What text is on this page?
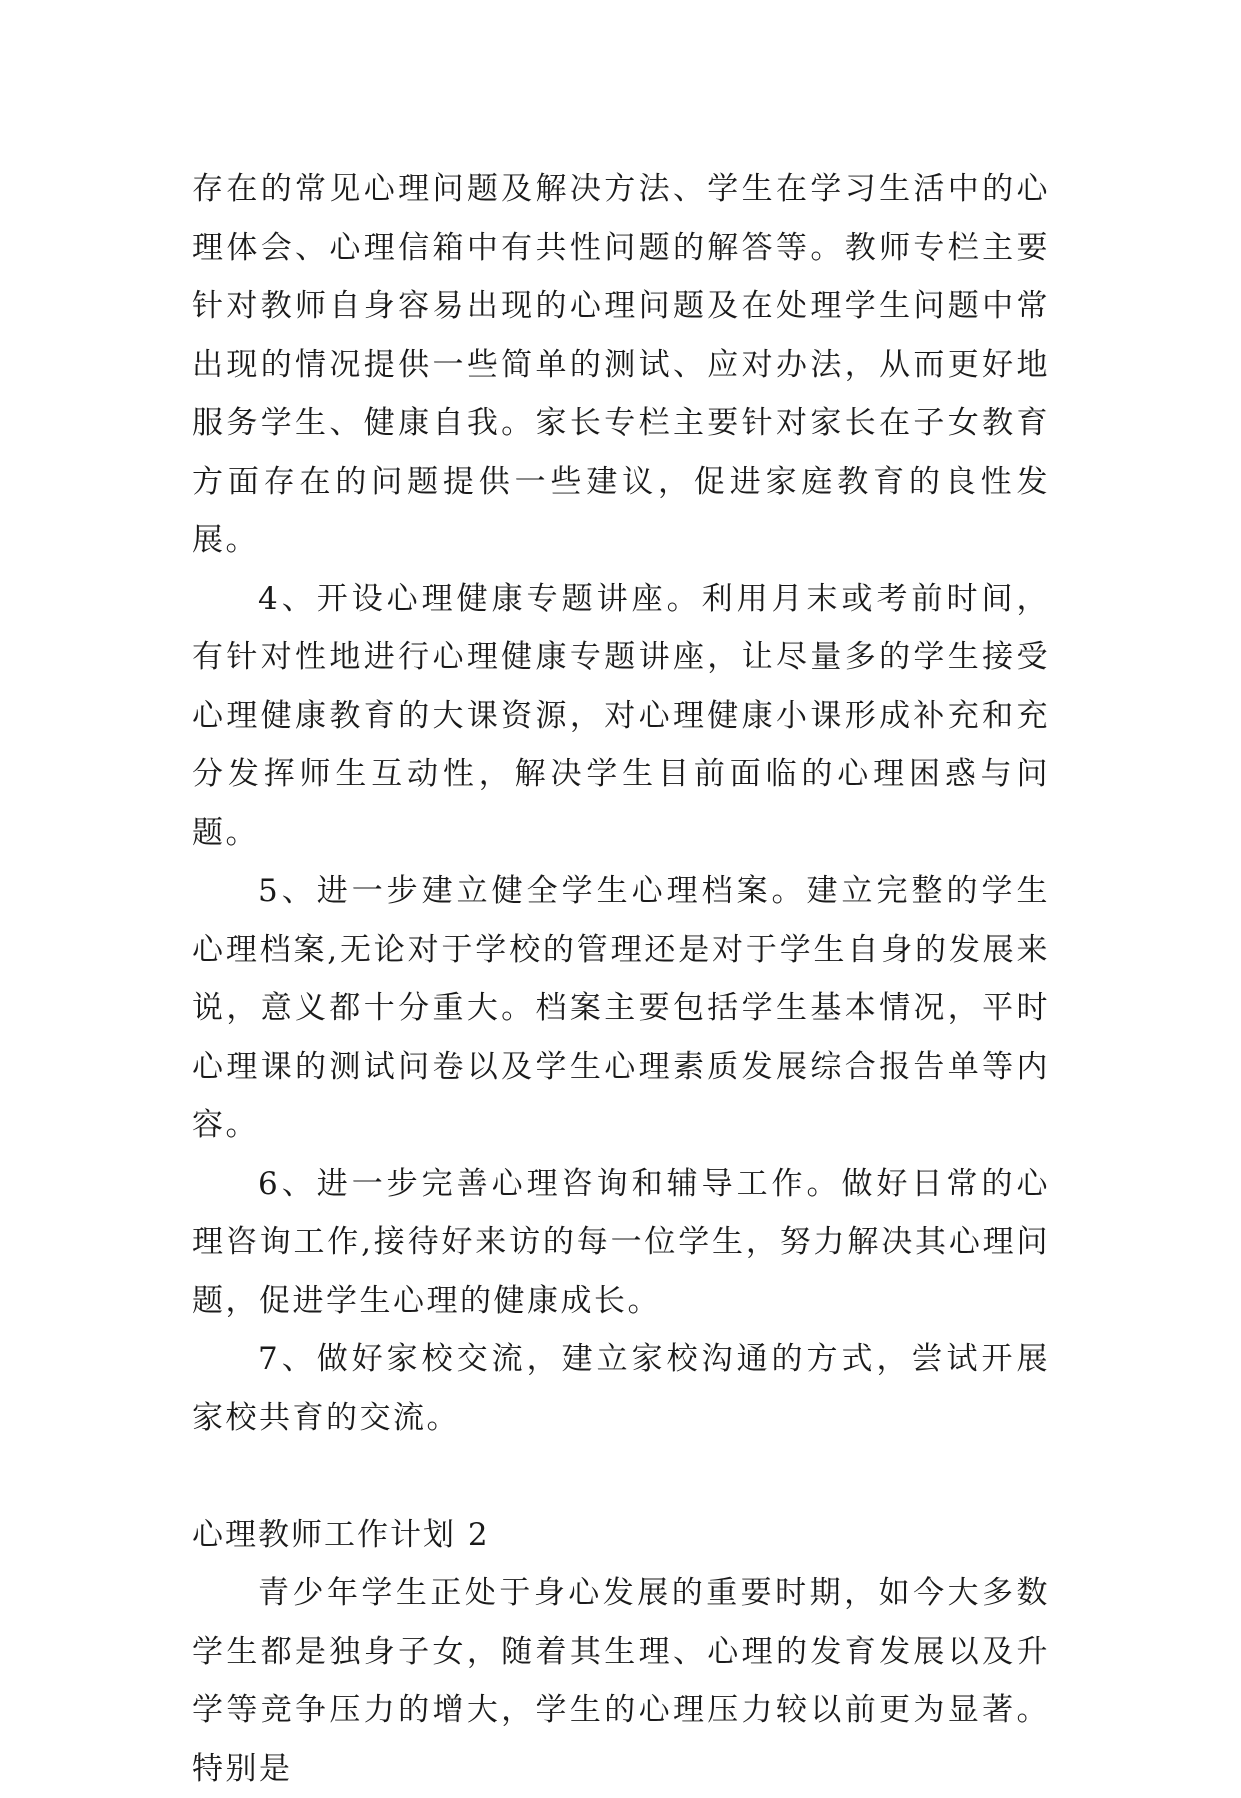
存在的常见心理问题及解决方法、学生在学习生活中的心理体会、心理信箱中有共性问题的解答等。教师专栏主要针对教师自身容易出现的心理问题及在处理学生问题中常出现的情况提供一些简单的测试、应对办法，从而更好地服务学生、健康自我。家长专栏主要针对家长在子女教育方面存在的问题提供一些建议，促进家庭教育的良性发展。

4、开设心理健康专题讲座。利用月末或考前时间，有针对性地进行心理健康专题讲座，让尽量多的学生接受心理健康教育的大课资源，对心理健康小课形成补充和充分发挥师生互动性，解决学生目前面临的心理困惑与问题。

5、进一步建立健全学生心理档案。建立完整的学生心理档案,无论对于学校的管理还是对于学生自身的发展来说，意义都十分重大。档案主要包括学生基本情况，平时心理课的测试问卷以及学生心理素质发展综合报告单等内容。

6、进一步完善心理咨询和辅导工作。做好日常的心理咨询工作,接待好来访的每一位学生，努力解决其心理问题，促进学生心理的健康成长。

7、做好家校交流，建立家校沟通的方式，尝试开展家校共育的交流。

心理教师工作计划 2

青少年学生正处于身心发展的重要时期，如今大多数学生都是独身子女，随着其生理、心理的发育发展以及升学等竞争压力的增大，学生的心理压力较以前更为显著。特别是
